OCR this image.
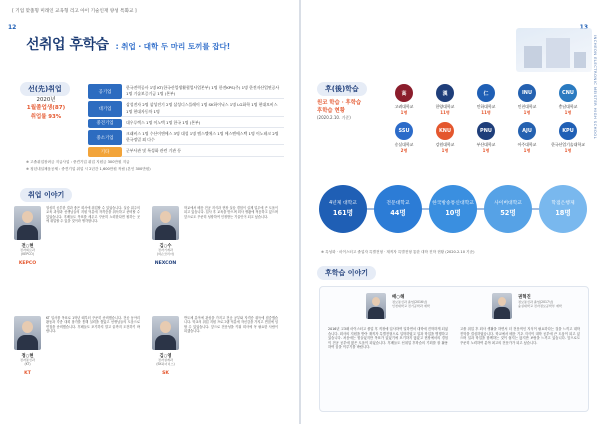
[ 기업 맞춤형 미래인 교육형 리고 아이 기술인재 양성 특화교 ]
12
선취업 후학습 : 취업 · 대학 두 마리 토끼를 잡다!
선(先)취업
2020년
1월졸업생(87)
취업률 93%
공기업
한국전력공사 1명 KT(한국산업생활협업사업본부) 1명 한전KPS(주) 1명 한전자산업연공사 1명 기술보증기금 1명 (본부)
대기업
삼성전자 2명 삼성전기 2명 삼성디스플레이 1명 SK하이닉스 1명 LG화학 1명 현대모비스 1명 현대자동차 1명
중견기업	대우루렉스 1명 이노텍 1명 한국 1명 (본부)
중소기업
크래비스 1명 수산이앤에스 3명 대성 1명 엠스엘에스 1명 에스엔에스텍 1명 이노테크 2명 한국정밀 외 다수
기타	군부사관 및 특성화 관련 기관 등
※ 고졸취업장려금 지급사업 : 중견기업 취업 지원금 300만원 지급
※ 청년내일채움공제 : 중견기업 취업 시 2년간 1,600만원 적립 (본인 300만원)
취업 이야기
전○현
전자회로과
(KEPCO)
KEPCO
열심히 공부한 결과 좋은 회사에 취업할 수 있었습니다. 실습 위주의 교육 과정과 선생님들의 지원 덕분에 자격증을 취득하고 준비할 수 있었습니다. 후배들도 목표를 세우고 꾸준히 노력한다면 원하는 곳에 취업할 수 있을 것이라 생각합니다.
김○수
전자기계과
(넥슨코리아)
NEXCON
학교에서 배운 전공 지식과 현장 실습 경험이 실제 업무에 큰 도움이 되고 있습니다. 입사 후 교육을 받으며 회사 생활에 적응하고 있으며 앞으로도 꾸준히 성장하여 인정받는 기술인이 되고 싶습니다.
정○현
전자통신과
(KT)
KT
KT 입사를 목표로 1학년 때부터 꾸준히 준비했습니다. 전공 동아리 활동과 각종 대회 참가를 통해 실력을 쌓았고 선생님들의 도움으로 면접을 준비했습니다. 후배들도 포기하지 말고 끝까지 도전하기 바랍니다.
김○영
전자설계과
(SK하이닉스)
SK
반도체 분야에 관심을 가지고 전공 공부와 자격증 취득에 집중했습니다. 학교의 취업 지원 프로그램 덕분에 자신감을 가지고 면접에 임할 수 있었습니다. 앞으로 전문성을 키워 회사에 꼭 필요한 사람이 되겠습니다.
INCHEON ELECTRONIC MEISTER HIGH SCHOOL
후(後)학습
원코 학습 · 후학습
후학습 현황
(2020.2.10. 기준)
高
고려대학교
1명
漢
한양대학교
11명
仁
인하대학교
11명
INU
인천대학교
1명
CNU
충남대학교
1명
SSU
숭실대학교
2명
KNU
강원대학교
1명
PNU
부산대학교
1명
AJU
아주대학교
1명
KPU
한국산업기술대학교
1명
4년제 대학교
161명
전문대학교
44명
한국방송통신대학교
10명
사이버대학교
52명
학점은행제
18명
※ 특성화 · 마이스터고 졸업자 특별전형 · 재직자 특별전형 통한 대학 진학 현황 (2020.2.10 기준)
후학습 이야기
배○해
정보통신과 졸업(2016년)
인천대학교 전기공학과 재학
권혁진
정보통신과 졸업(2017년)
숭실대학교 전자정보공학부 재학
2016년 고3때 마이스터고 졸업 후 직장에 입사하여 일하면서 대학에 진학하게 되었습니다. 회사의 지원을 받아 재직자 특별전형으로 입학하였고 일과 학업을 병행하고 있습니다. 처음에는 힘들었지만 목표가 있었기에 포기하지 않았고 현장에서의 경험이 전공 공부에 많은 도움이 되었습니다. 후배들도 선취업 후학습의 기회를 잘 활용하여 꿈을 이루기를 바랍니다.
고졸 취업 후 회사 생활을 하면서 더 전문적인 지식이 필요하다는 것을 느끼고 대학 진학을 결심하였습니다. 학교에서 배운 기초 지식이 대학 공부에 큰 도움이 되고 있으며 일과 학업을 함께하는 것이 쉽지는 않지만 보람을 느끼고 있습니다. 앞으로도 꾸준히 노력하여 분야 최고의 전문가가 되고 싶습니다.
